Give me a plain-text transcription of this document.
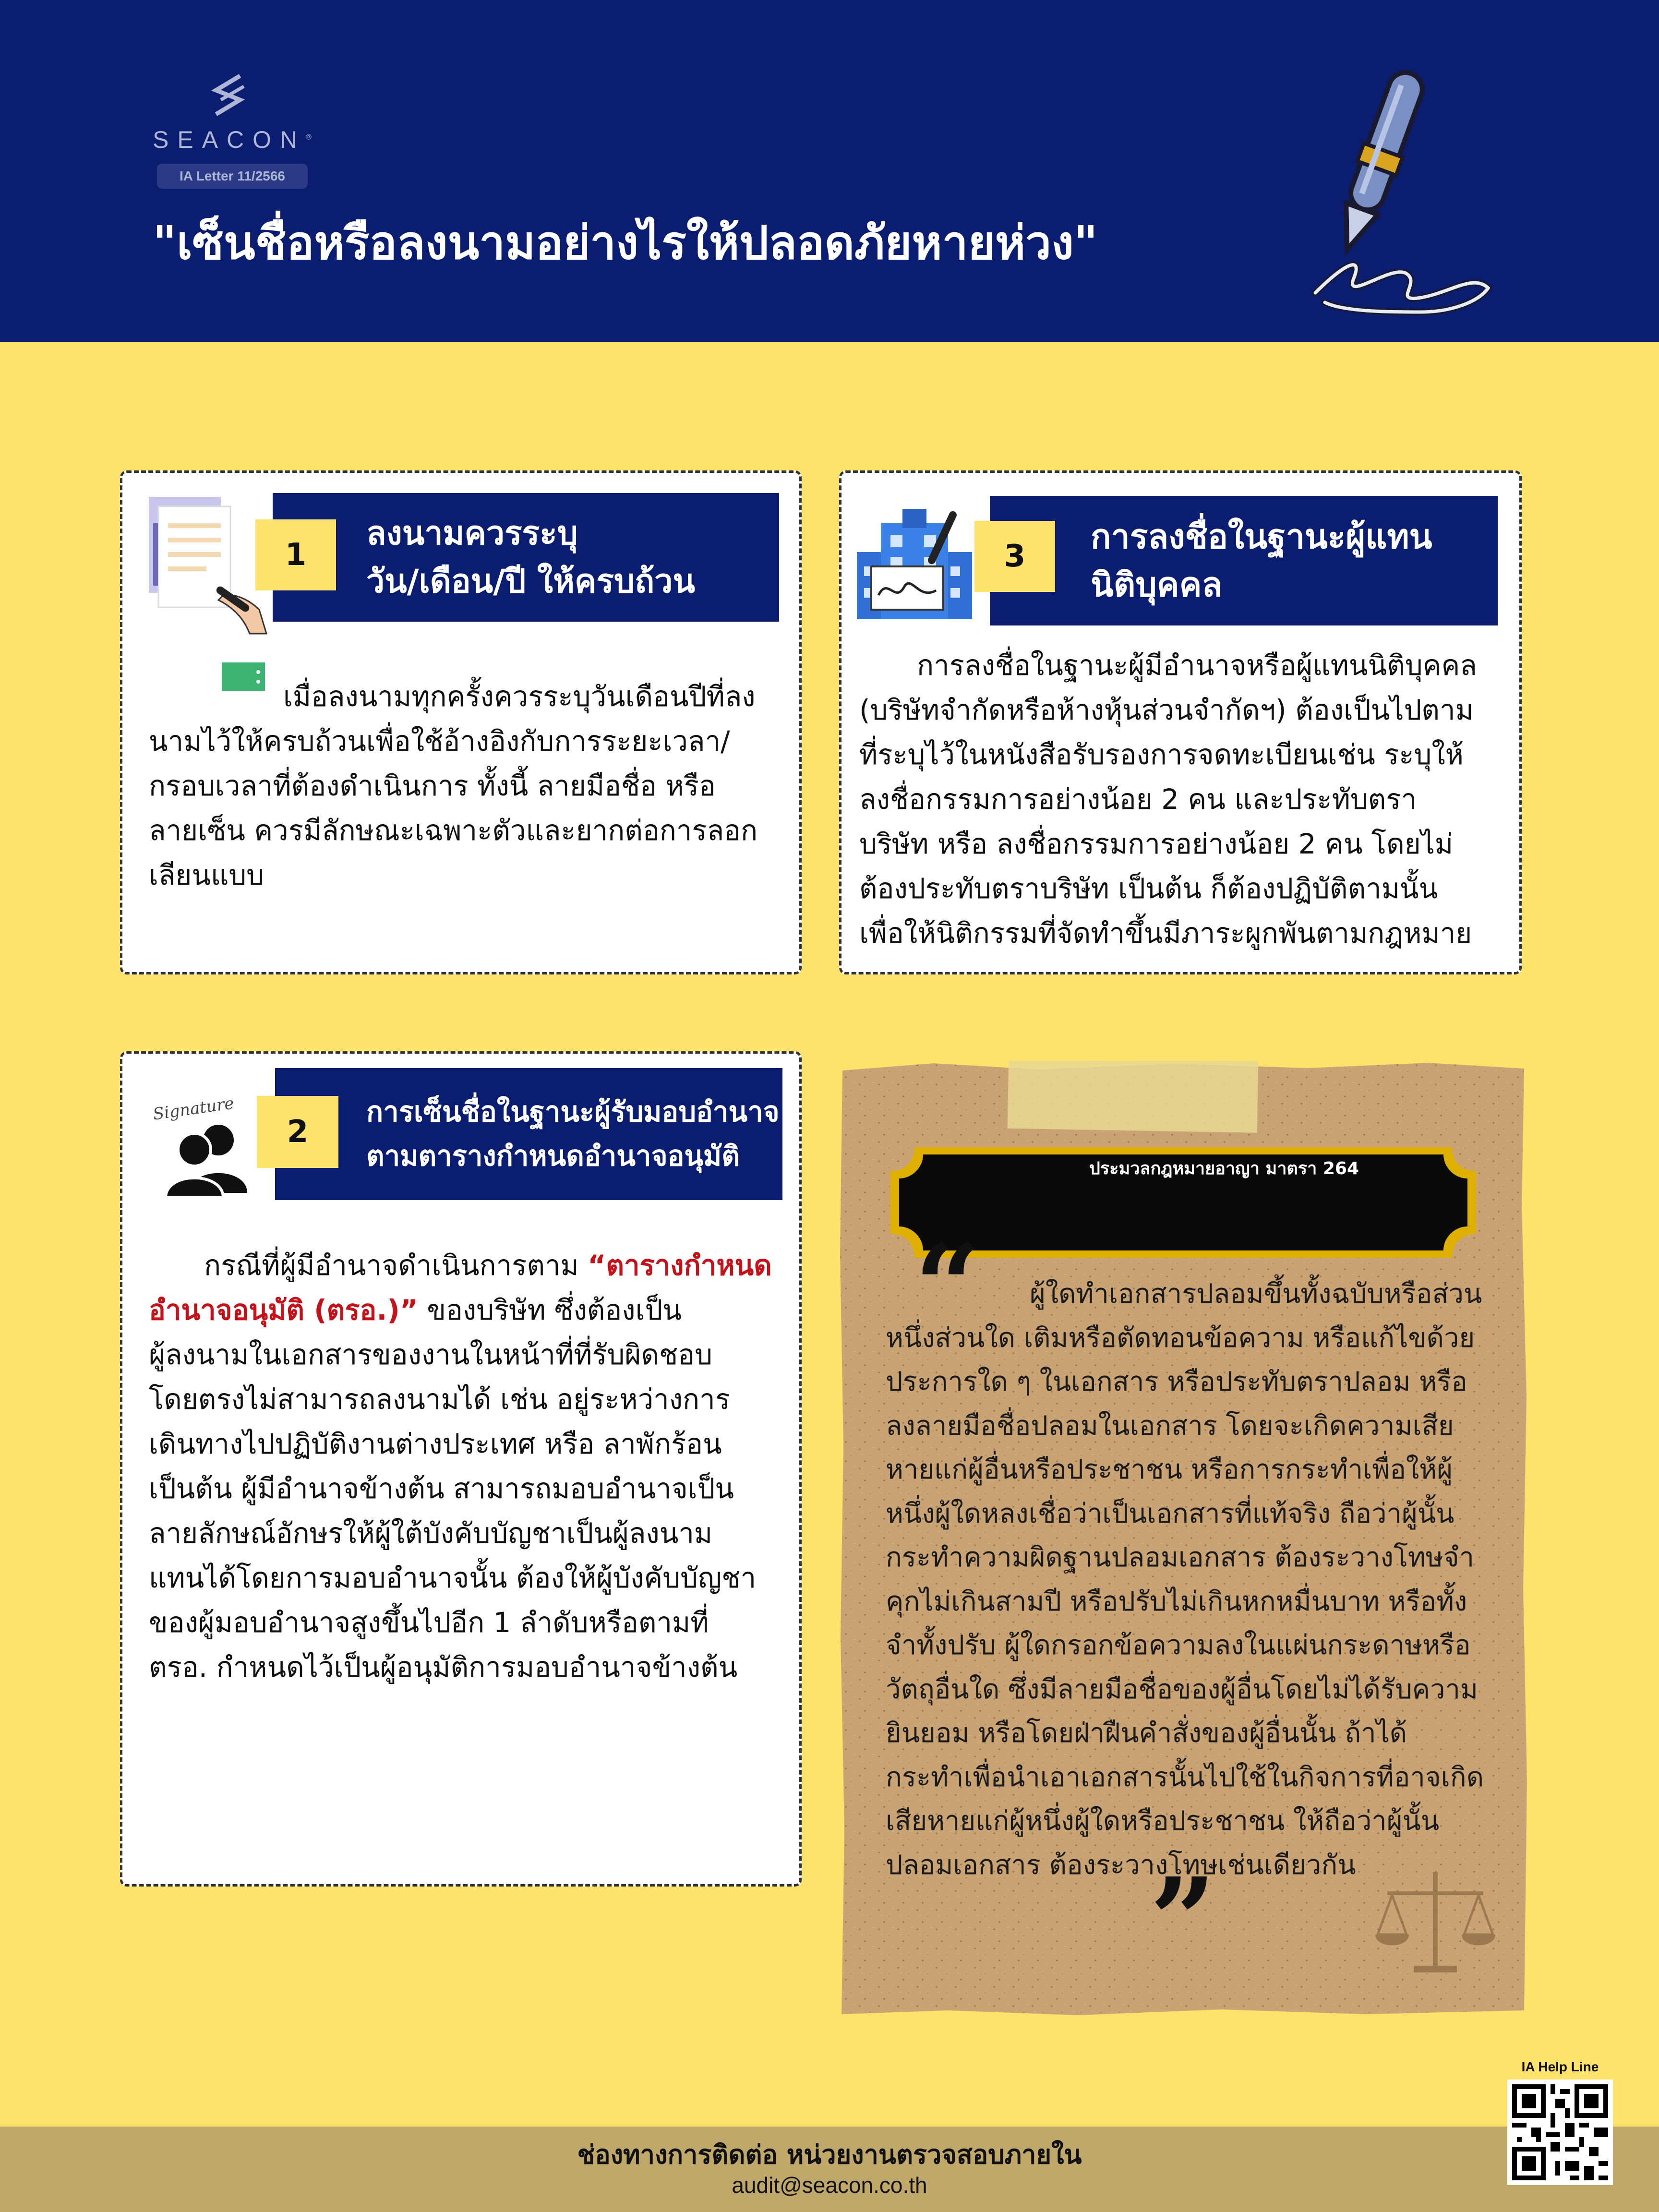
SEACON®
IA Letter 11/2566
"เซ็นชื่อหรือลงนามอย่างไรให้ปลอดภัยหายห่วง"
ลงนามควรระบุ
วัน/เดือน/ปี ให้ครบถ้วน
1

เมื่อลงนามทุกครั้งควรระบุวันเดือนปีที่ลง

นามไว้ให้ครบถ้วนเพื่อใช้อ้างอิงกับการระยะเวลา/

กรอบเวลาที่ต้องดำเนินการ ทั้งนี้ ลายมือชื่อ หรือ

ลายเซ็น ควรมีลักษณะเฉพาะตัวและยากต่อการลอก

เลียนแบบ

การลงชื่อในฐานะผู้แทน
นิติบุคคล
3

การลงชื่อในฐานะผู้มีอำนาจหรือผู้แทนนิติบุคคล

(บริษัทจำกัดหรือห้างหุ้นส่วนจำกัดฯ) ต้องเป็นไปตาม

ที่ระบุไว้ในหนังสือรับรองการจดทะเบียนเช่น ระบุให้

ลงชื่อกรรมการอย่างน้อย 2 คน และประทับตรา

บริษัท หรือ ลงชื่อกรรมการอย่างน้อย 2 คน โดยไม่

ต้องประทับตราบริษัท เป็นต้น ก็ต้องปฏิบัติตามนั้น

เพื่อให้นิติกรรมที่จัดทำขึ้นมีภาระผูกพันตามกฎหมาย

Signature	การเซ็นชื่อในฐานะผู้รับมอบอำนาจ
ตามตารางกำหนดอำนาจอนุมัติ
2

กรณีที่ผู้มีอำนาจดำเนินการตาม “ตารางกำหนด

อำนาจอนุมัติ (ตรอ.)” ของบริษัท ซึ่งต้องเป็น

ผู้ลงนามในเอกสารของงานในหน้าที่ที่รับผิดชอบ

โดยตรงไม่สามารถลงนามได้ เช่น อยู่ระหว่างการ

เดินทางไปปฏิบัติงานต่างประเทศ หรือ ลาพักร้อน

เป็นต้น ผู้มีอำนาจข้างต้น สามารถมอบอำนาจเป็น

ลายลักษณ์อักษรให้ผู้ใต้บังคับบัญชาเป็นผู้ลงนาม

แทนได้โดยการมอบอำนาจนั้น ต้องให้ผู้บังคับบัญชา

ของผู้มอบอำนาจสูงขึ้นไปอีก 1 ลำดับหรือตามที่

ตรอ. กำหนดไว้เป็นผู้อนุมัติการมอบอำนาจข้างต้น

ประมวลกฎหมายอาญา มาตรา 264
“	ผู้ใดทำเอกสารปลอมขึ้นทั้งฉบับหรือส่วน

หนึ่งส่วนใด เติมหรือตัดทอนข้อความ หรือแก้ไขด้วย

ประการใด ๆ ในเอกสาร หรือประทับตราปลอม หรือ

ลงลายมือชื่อปลอมในเอกสาร โดยจะเกิดความเสีย

หายแก่ผู้อื่นหรือประชาชน หรือการกระทำเพื่อให้ผู้

หนึ่งผู้ใดหลงเชื่อว่าเป็นเอกสารที่แท้จริง ถือว่าผู้นั้น

กระทำความผิดฐานปลอมเอกสาร ต้องระวางโทษจำ

คุกไม่เกินสามปี หรือปรับไม่เกินหกหมื่นบาท หรือทั้ง

จำทั้งปรับ ผู้ใดกรอกข้อความลงในแผ่นกระดาษหรือ

วัตถุอื่นใด ซึ่งมีลายมือชื่อของผู้อื่นโดยไม่ได้รับความ

ยินยอม หรือโดยฝ่าฝืนคำสั่งของผู้อื่นนั้น ถ้าได้

กระทำเพื่อนำเอาเอกสารนั้นไปใช้ในกิจการที่อาจเกิด

เสียหายแก่ผู้หนึ่งผู้ใดหรือประชาชน ให้ถือว่าผู้นั้น

ปลอมเอกสาร ต้องระวางโทษเช่นเดียวกัน

”
ช่องทางการติดต่อ หน่วยงานตรวจสอบภายใน
audit@seacon.co.th
IA Help Line
